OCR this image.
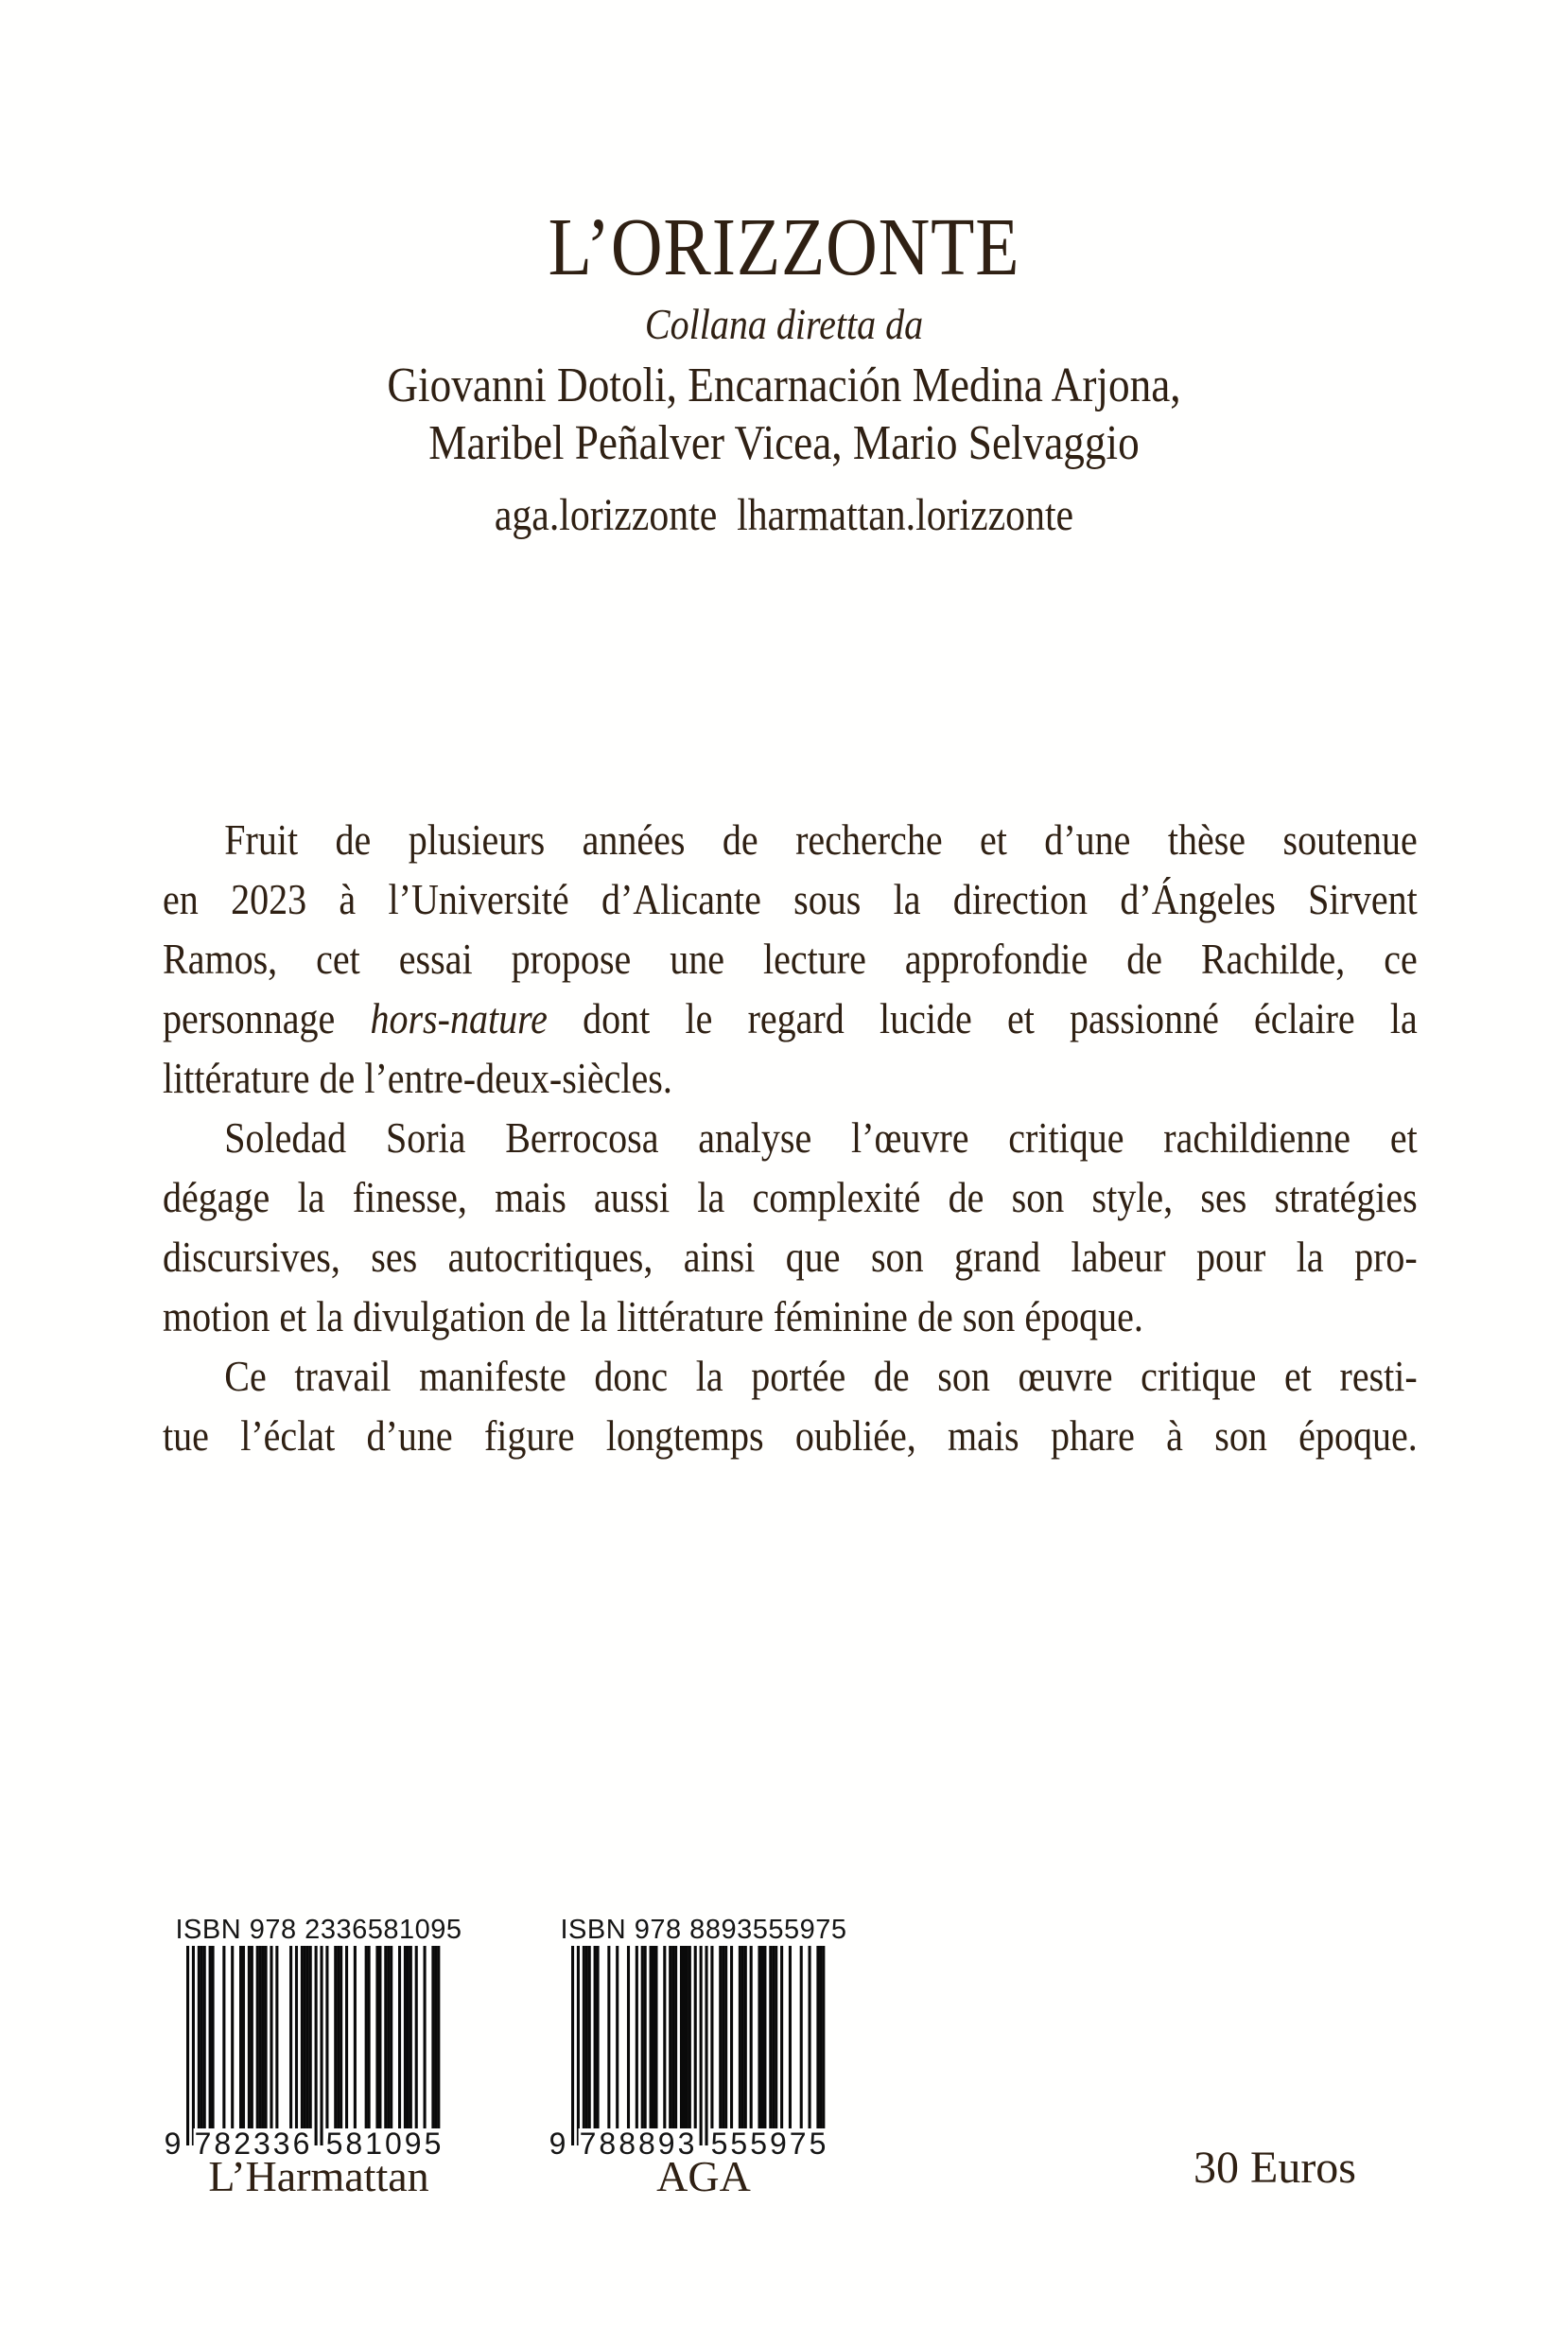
L’ORIZZONTE
Collana diretta da
Giovanni Dotoli, Encarnación Medina Arjona,
Maribel Peñalver Vicea, Mario Selvaggio
aga.lorizzonte  lharmattan.lorizzonte
Fruit de plusieurs années de recherche et d’une thèse soutenue
en 2023 à l’Université d’Alicante sous la direction d’Ángeles Sirvent
Ramos, cet essai propose une lecture approfondie de Rachilde, ce
personnage hors-nature dont le regard lucide et passionné éclaire la
littérature de l’entre-deux-siècles.
Soledad Soria Berrocosa analyse l’œuvre critique rachildienne et
dégage la finesse, mais aussi la complexité de son style, ses stratégies
discursives, ses autocritiques, ainsi que son grand labeur pour la pro-
motion et la divulgation de la littérature féminine de son époque.
Ce travail manifeste donc la portée de son œuvre critique et resti-
tue l’éclat d’une figure longtemps oubliée, mais phare à son époque.
ISBN 978 2336581095
9 782336 581095
L’Harmattan
ISBN 978 8893555975
9 788893 555975
AGA	30 Euros
